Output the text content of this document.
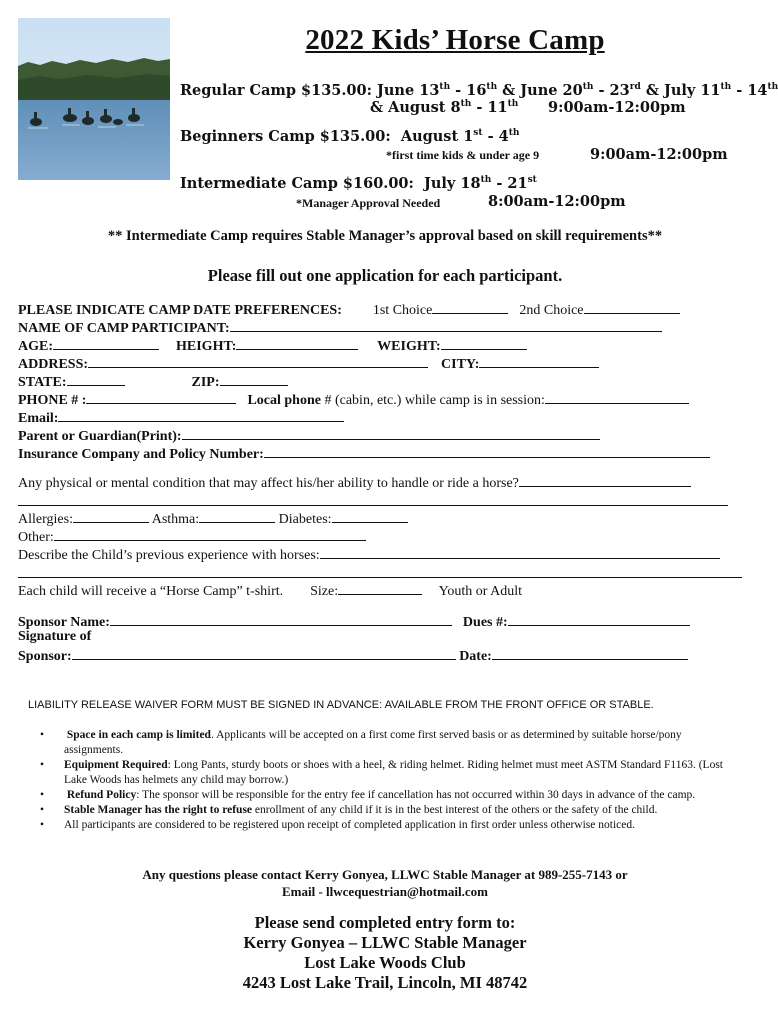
2022 Kids’ Horse Camp
Regular Camp $135.00: June 13th - 16th & June 20th - 23rd & July 11th - 14th
& August 8th - 11th 9:00am-12:00pm
Beginners Camp $135.00:  August 1st - 4th
*first time kids & under age 9	9:00am-12:00pm
Intermediate Camp $160.00:  July 18th - 21st
*Manager Approval Needed	8:00am-12:00pm
** Intermediate Camp requires Stable Manager’s approval based on skill requirements**
Please fill out one application for each participant.
PLEASE INDICATE CAMP DATE PREFERENCES: 1st Choice	2nd Choice
NAME OF CAMP PARTICIPANT:
AGE:	HEIGHT:	WEIGHT:
ADDRESS:	CITY:
STATE:	ZIP:
PHONE # :	Local phone # (cabin, etc.) while camp is in session:
Email:
Parent or Guardian(Print):
Insurance Company and Policy Number:
Any physical or mental condition that may affect his/her ability to handle or ride a horse?
Allergies:	Asthma:	Diabetes:
Other:
Describe the Child’s previous experience with horses:
Each child will receive a “Horse Camp” t-shirt. Size:	Youth or Adult
Sponsor Name:	Dues #:
Signature of
Sponsor:	Date:
LIABILITY RELEASE WAIVER FORM MUST BE SIGNED IN ADVANCE: AVAILABLE FROM THE FRONT OFFICE OR STABLE.
• Space in each camp is limited. Applicants will be accepted on a first come first served basis or as determined by suitable horse/pony assignments.
• Equipment Required: Long Pants, sturdy boots or shoes with a heel, & riding helmet. Riding helmet must meet ASTM Standard F1163. (Lost Lake Woods has helmets any child may borrow.)
• Refund Policy: The sponsor will be responsible for the entry fee if cancellation has not occurred within 30 days in advance of the camp.
• Stable Manager has the right to refuse enrollment of any child if it is in the best interest of the others or the safety of the child.
• All participants are considered to be registered upon receipt of completed application in first order unless otherwise noticed.
Any questions please contact Kerry Gonyea, LLWC Stable Manager at 989-255-7143 or
Email - llwcequestrian@hotmail.com
Please send completed entry form to:
Kerry Gonyea – LLWC Stable Manager
Lost Lake Woods Club
4243 Lost Lake Trail, Lincoln, MI 48742
